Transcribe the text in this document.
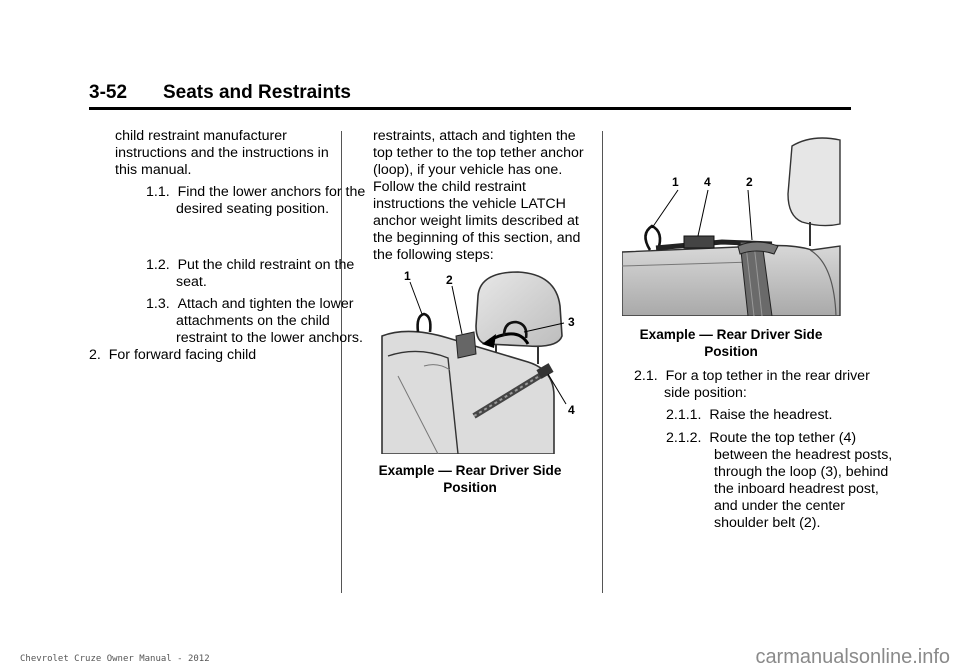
3-52 Seats and Restraints

child restraint manufacturer instructions and the instructions in this manual.

1.1. Find the lower anchors for the desired seating position.
1.2. Put the child restraint on the seat.
1.3. Attach and tighten the lower attachments on the child restraint to the lower anchors.
2. For forward facing child

restraints, attach and tighten the top tether to the top tether anchor (loop), if your vehicle has one. Follow the child restraint instructions the vehicle LATCH anchor weight limits described at the beginning of this section, and the following steps:

1	2
3
4
Example — Rear Driver Side Position
1 4	2
Example — Rear Driver Side Position
2.1. For a top tether in the rear driver side position:
2.1.1. Raise the headrest.
2.1.2. Route the top tether (4) between the headrest posts, through the loop (3), behind the inboard headrest post, and under the center shoulder belt (2).
Chevrolet Cruze Owner Manual - 2012	carmanualsonline.info
